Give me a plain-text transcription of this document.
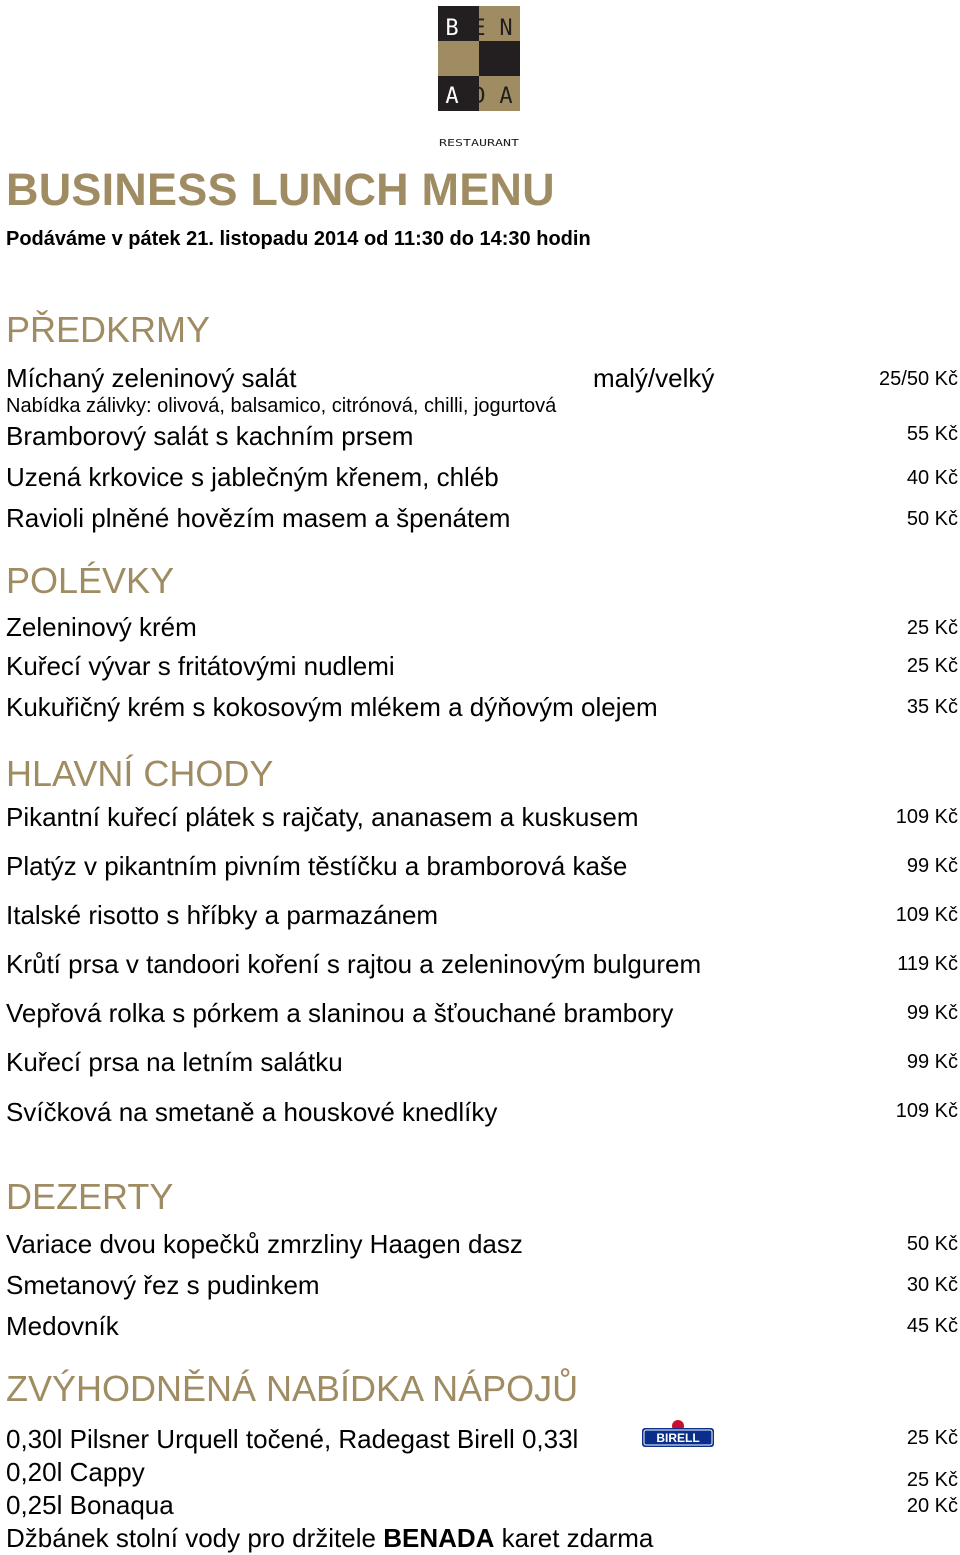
B E N
A D A
RESTAURANT
BUSINESS LUNCH MENU
Podáváme v pátek 21. listopadu 2014 od 11:30 do 14:30 hodin
PŘEDKRMY
Míchaný zeleninový salát	malý/velký	25/50 Kč
Nabídka zálivky: olivová, balsamico, citrónová, chilli, jogurtová
Bramborový salát s kachním prsem	55 Kč
Uzená krkovice s jablečným křenem, chléb	40 Kč
Ravioli plněné hovězím masem a špenátem	50 Kč
POLÉVKY
Zeleninový krém	25 Kč
Kuřecí vývar s fritátovými nudlemi	25 Kč
Kukuřičný krém s kokosovým mlékem a dýňovým olejem	35 Kč
HLAVNÍ CHODY
Pikantní kuřecí plátek s rajčaty, ananasem a kuskusem	109 Kč
Platýz v pikantním pivním těstíčku a bramborová kaše	99 Kč
Italské risotto s hříbky a parmazánem	109 Kč
Krůtí prsa v tandoori koření s rajtou a zeleninovým bulgurem	119 Kč
Vepřová rolka s pórkem a slaninou a šťouchané brambory	99 Kč
Kuřecí prsa na letním salátku	99 Kč
Svíčková na smetaně a houskové knedlíky	109 Kč
DEZERTY
Variace dvou kopečků zmrzliny Haagen dasz	50 Kč
Smetanový řez s pudinkem	30 Kč
Medovník	45 Kč
ZVÝHODNĚNÁ NABÍDKA NÁPOJŮ
0,30l Pilsner Urquell točené, Radegast Birell 0,33l	BIRELL	25 Kč
0,20l Cappy	25 Kč
0,25l Bonaqua	20 Kč
Džbánek stolní vody pro držitele BENADA karet zdarma
